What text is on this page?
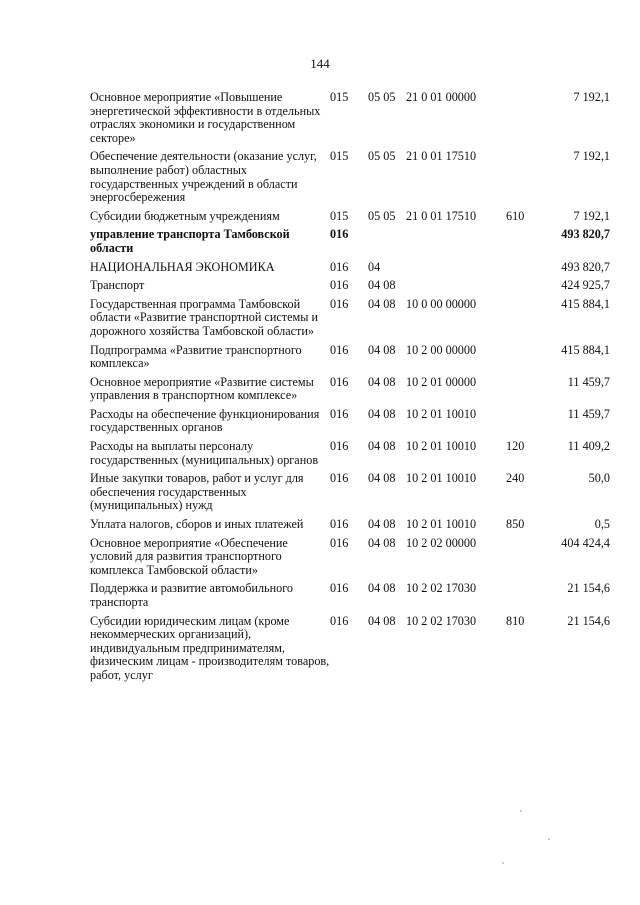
144
Основное мероприятие «Повышение энергетической эффективности в отдельных отраслях экономики и государственном секторе»	015	05 05	21 0 01 00000		7 192,1
Обеспечение деятельности (оказание услуг, выполнение работ) областных государственных учреждений в области энергосбережения	015	05 05	21 0 01 17510		7 192,1
Субсидии бюджетным учреждениям	015	05 05	21 0 01 17510	610	7 192,1
управление транспорта Тамбовской области	016				493 820,7
НАЦИОНАЛЬНАЯ ЭКОНОМИКА	016	04			493 820,7
Транспорт	016	04 08			424 925,7
Государственная программа Тамбовской области «Развитие транспортной системы и дорожного хозяйства Тамбовской области»	016	04 08	10 0 00 00000		415 884,1
Подпрограмма «Развитие транспортного комплекса»	016	04 08	10 2 00 00000		415 884,1
Основное мероприятие «Развитие системы управления в транспортном комплексе»	016	04 08	10 2 01 00000		11 459,7
Расходы на обеспечение функционирования государственных органов	016	04 08	10 2 01 10010		11 459,7
Расходы на выплаты персоналу государственных (муниципальных) органов	016	04 08	10 2 01 10010	120	11 409,2
Иные закупки товаров, работ и услуг для обеспечения государственных (муниципальных) нужд	016	04 08	10 2 01 10010	240	50,0
Уплата налогов, сборов и иных платежей	016	04 08	10 2 01 10010	850	0,5
Основное мероприятие «Обеспечение условий для развития транспортного комплекса Тамбовской области»	016	04 08	10 2 02 00000		404 424,4
Поддержка и развитие автомобильного транспорта	016	04 08	10 2 02 17030		21 154,6
Субсидии юридическим лицам (кроме некоммерческих организаций), индивидуальным предпринимателям, физическим лицам - производителям товаров, работ, услуг	016	04 08	10 2 02 17030	810	21 154,6
